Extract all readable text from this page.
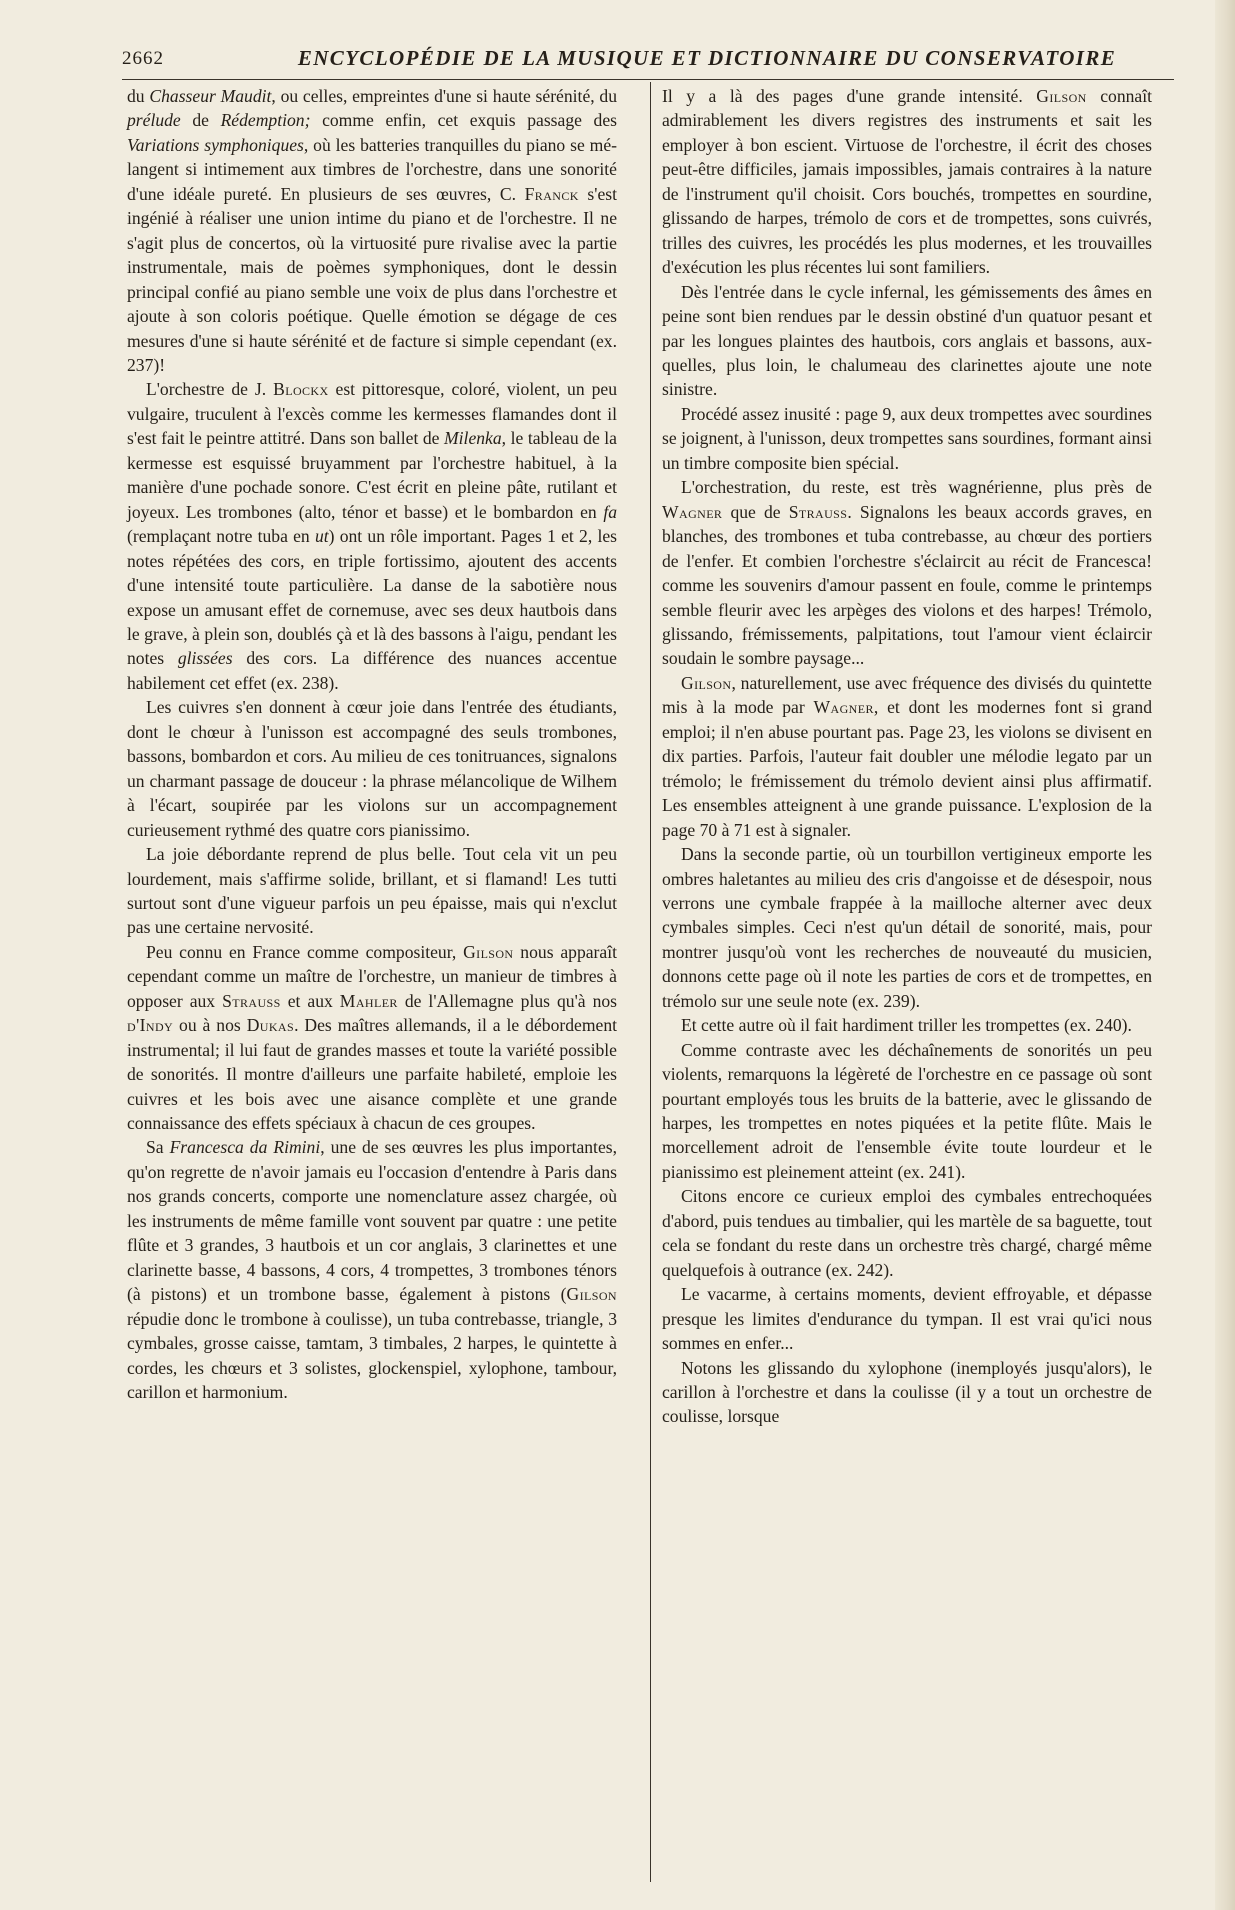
2662	ENCYCLOPÉDIE DE LA MUSIQUE ET DICTIONNAIRE DU CONSERVATOIRE

du Chasseur Maudit, ou celles, empreintes d'une si haute sérénité, du prélude de Rédemption; comme enfin, cet exquis passage des Variations symphoniques, où les batteries tranquilles du piano se mélangent si intimement aux timbres de l'orchestre, dans une sonorité d'une idéale pureté. En plusieurs de ses œuvres, C. Franck s'est ingénié à réaliser une union intime du piano et de l'orchestre. Il ne s'agit plus de concertos, où la virtuosité pure rivalise avec la partie instrumentale, mais de poèmes symphoniques, dont le dessin principal confié au piano semble une voix de plus dans l'orchestre et ajoute à son coloris poétique. Quelle émotion se dégage de ces mesures d'une si haute sérénité et de facture si simple cependant (ex. 237)!

L'orchestre de J. Blockx est pittoresque, coloré, violent, un peu vulgaire, truculent à l'excès comme les kermesses flamandes dont il s'est fait le peintre attitré. Dans son ballet de Milenka, le tableau de la kermesse est esquissé bruyamment par l'orchestre habituel, à la manière d'une pochade sonore. C'est écrit en pleine pâte, rutilant et joyeux. Les trombones (alto, ténor et basse) et le bombardon en fa (remplaçant notre tuba en ut) ont un rôle important. Pages 1 et 2, les notes répétées des cors, en triple fortissimo, ajoutent des accents d'une intensité toute particulière. La danse de la sabotière nous expose un amusant effet de cornemuse, avec ses deux hautbois dans le grave, à plein son, doublés çà et là des bassons à l'aigu, pendant les notes glissées des cors. La différence des nuances accentue habilement cet effet (ex. 238).

Les cuivres s'en donnent à cœur joie dans l'entrée des étudiants, dont le chœur à l'unisson est accompagné des seuls trombones, bassons, bombardon et cors. Au milieu de ces tonitruances, signalons un charmant passage de douceur : la phrase mélancolique de Wilhem à l'écart, soupirée par les violons sur un accompagnement curieusement rythmé des quatre cors pianissimo.

La joie débordante reprend de plus belle. Tout cela vit un peu lourdement, mais s'affirme solide, brillant, et si flamand! Les tutti surtout sont d'une vigueur parfois un peu épaisse, mais qui n'exclut pas une certaine nervosité.

Peu connu en France comme compositeur, Gilson nous apparaît cependant comme un maître de l'orchestre, un manieur de timbres à opposer aux Strauss et aux Mahler de l'Allemagne plus qu'à nos d'Indy ou à nos Dukas. Des maîtres allemands, il a le débordement instrumental; il lui faut de grandes masses et toute la variété possible de sonorités. Il montre d'ailleurs une parfaite habileté, emploie les cuivres et les bois avec une aisance complète et une grande connaissance des effets spéciaux à chacun de ces groupes.

Sa Francesca da Rimini, une de ses œuvres les plus importantes, qu'on regrette de n'avoir jamais eu l'occasion d'entendre à Paris dans nos grands concerts, comporte une nomenclature assez chargée, où les instruments de même famille vont souvent par quatre : une petite flûte et 3 grandes, 3 hautbois et un cor anglais, 3 clarinettes et une clarinette basse, 4 bassons, 4 cors, 4 trompettes, 3 trombones ténors (à pistons) et un trombone basse, également à pistons (Gilson répudie donc le trombone à coulisse), un tuba contrebasse, triangle, 3 cymbales, grosse caisse, tamtam, 3 timbales, 2 harpes, le quintette à cordes, les chœurs et 3 solistes, glockenspiel, xylophone, tambour, carillon et harmonium.

Il y a là des pages d'une grande intensité. Gilson connaît admirablement les divers registres des instruments et sait les employer à bon escient. Virtuose de l'orchestre, il écrit des choses peut-être difficiles, jamais impossibles, jamais contraires à la nature de l'instrument qu'il choisit. Cors bouchés, trompettes en sourdine, glissando de harpes, trémolo de cors et de trompettes, sons cuivrés, trilles des cuivres, les procédés les plus modernes, et les trouvailles d'exécution les plus récentes lui sont familiers.

Dès l'entrée dans le cycle infernal, les gémissements des âmes en peine sont bien rendues par le dessin obstiné d'un quatuor pesant et par les longues plaintes des hautbois, cors anglais et bassons, auxquelles, plus loin, le chalumeau des clarinettes ajoute une note sinistre.

Procédé assez inusité : page 9, aux deux trompettes avec sourdines se joignent, à l'unisson, deux trompettes sans sourdines, formant ainsi un timbre composite bien spécial.

L'orchestration, du reste, est très wagnérienne, plus près de Wagner que de Strauss. Signalons les beaux accords graves, en blanches, des trombones et tuba contrebasse, au chœur des portiers de l'enfer. Et combien l'orchestre s'éclaircit au récit de Francesca! comme les souvenirs d'amour passent en foule, comme le printemps semble fleurir avec les arpèges des violons et des harpes! Trémolo, glissando, frémissements, palpitations, tout l'amour vient éclaircir soudain le sombre paysage...

Gilson, naturellement, use avec fréquence des divisés du quintette mis à la mode par Wagner, et dont les modernes font si grand emploi; il n'en abuse pourtant pas. Page 23, les violons se divisent en dix parties. Parfois, l'auteur fait doubler une mélodie legato par un trémolo; le frémissement du trémolo devient ainsi plus affirmatif. Les ensembles atteignent à une grande puissance. L'explosion de la page 70 à 71 est à signaler.

Dans la seconde partie, où un tourbillon vertigineux emporte les ombres haletantes au milieu des cris d'angoisse et de désespoir, nous verrons une cymbale frappée à la mailloche alterner avec deux cymbales simples. Ceci n'est qu'un détail de sonorité, mais, pour montrer jusqu'où vont les recherches de nouveauté du musicien, donnons cette page où il note les parties de cors et de trompettes, en trémolo sur une seule note (ex. 239).

Et cette autre où il fait hardiment triller les trompettes (ex. 240).

Comme contraste avec les déchaînements de sonorités un peu violents, remarquons la légèreté de l'orchestre en ce passage où sont pourtant employés tous les bruits de la batterie, avec le glissando de harpes, les trompettes en notes piquées et la petite flûte. Mais le morcellement adroit de l'ensemble évite toute lourdeur et le pianissimo est pleinement atteint (ex. 241).

Citons encore ce curieux emploi des cymbales entrechoquées d'abord, puis tendues au timbalier, qui les martèle de sa baguette, tout cela se fondant du reste dans un orchestre très chargé, chargé même quelquefois à outrance (ex. 242).

Le vacarme, à certains moments, devient effroyable, et dépasse presque les limites d'endurance du tympan. Il est vrai qu'ici nous sommes en enfer...

Notons les glissando du xylophone (inemployés jusqu'alors), le carillon à l'orchestre et dans la coulisse (il y a tout un orchestre de coulisse, lorsque
